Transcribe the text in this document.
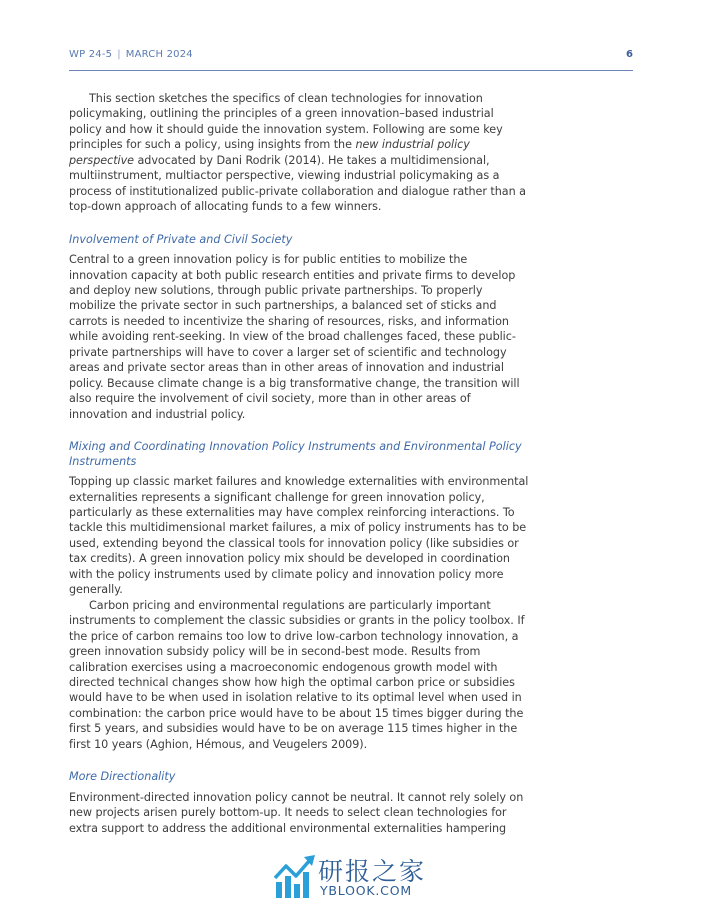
WP 24-5 | MARCH 2024	6

This section sketches the specifics of clean technologies for innovation policymaking, outlining the principles of a green innovation–based industrial policy and how it should guide the innovation system. Following are some key principles for such a policy, using insights from the new industrial policy perspective advocated by Dani Rodrik (2014). He takes a multidimensional, multiinstrument, multiactor perspective, viewing industrial policymaking as a process of institutionalized public-private collaboration and dialogue rather than a top-down approach of allocating funds to a few winners.

Involvement of Private and Civil Society

Central to a green innovation policy is for public entities to mobilize the innovation capacity at both public research entities and private firms to develop and deploy new solutions, through public private partnerships. To properly mobilize the private sector in such partnerships, a balanced set of sticks and carrots is needed to incentivize the sharing of resources, risks, and information while avoiding rent-seeking. In view of the broad challenges faced, these public-private partnerships will have to cover a larger set of scientific and technology areas and private sector areas than in other areas of innovation and industrial policy. Because climate change is a big transformative change, the transition will also require the involvement of civil society, more than in other areas of innovation and industrial policy.

Mixing and Coordinating Innovation Policy Instruments and Environmental Policy Instruments

Topping up classic market failures and knowledge externalities with environmental externalities represents a significant challenge for green innovation policy, particularly as these externalities may have complex reinforcing interactions. To tackle this multidimensional market failures, a mix of policy instruments has to be used, extending beyond the classical tools for innovation policy (like subsidies or tax credits). A green innovation policy mix should be developed in coordination with the policy instruments used by climate policy and innovation policy more generally.

Carbon pricing and environmental regulations are particularly important instruments to complement the classic subsidies or grants in the policy toolbox. If the price of carbon remains too low to drive low-carbon technology innovation, a green innovation subsidy policy will be in second-best mode. Results from calibration exercises using a macroeconomic endogenous growth model with directed technical changes show how high the optimal carbon price or subsidies would have to be when used in isolation relative to its optimal level when used in combination: the carbon price would have to be about 15 times bigger during the first 5 years, and subsidies would have to be on average 115 times higher in the first 10 years (Aghion, Hémous, and Veugelers 2009).

More Directionality

Environment-directed innovation policy cannot be neutral. It cannot rely solely on new projects arisen purely bottom-up. It needs to select clean technologies for extra support to address the additional environmental externalities hampering

研报之家
YBLOOK.COM
